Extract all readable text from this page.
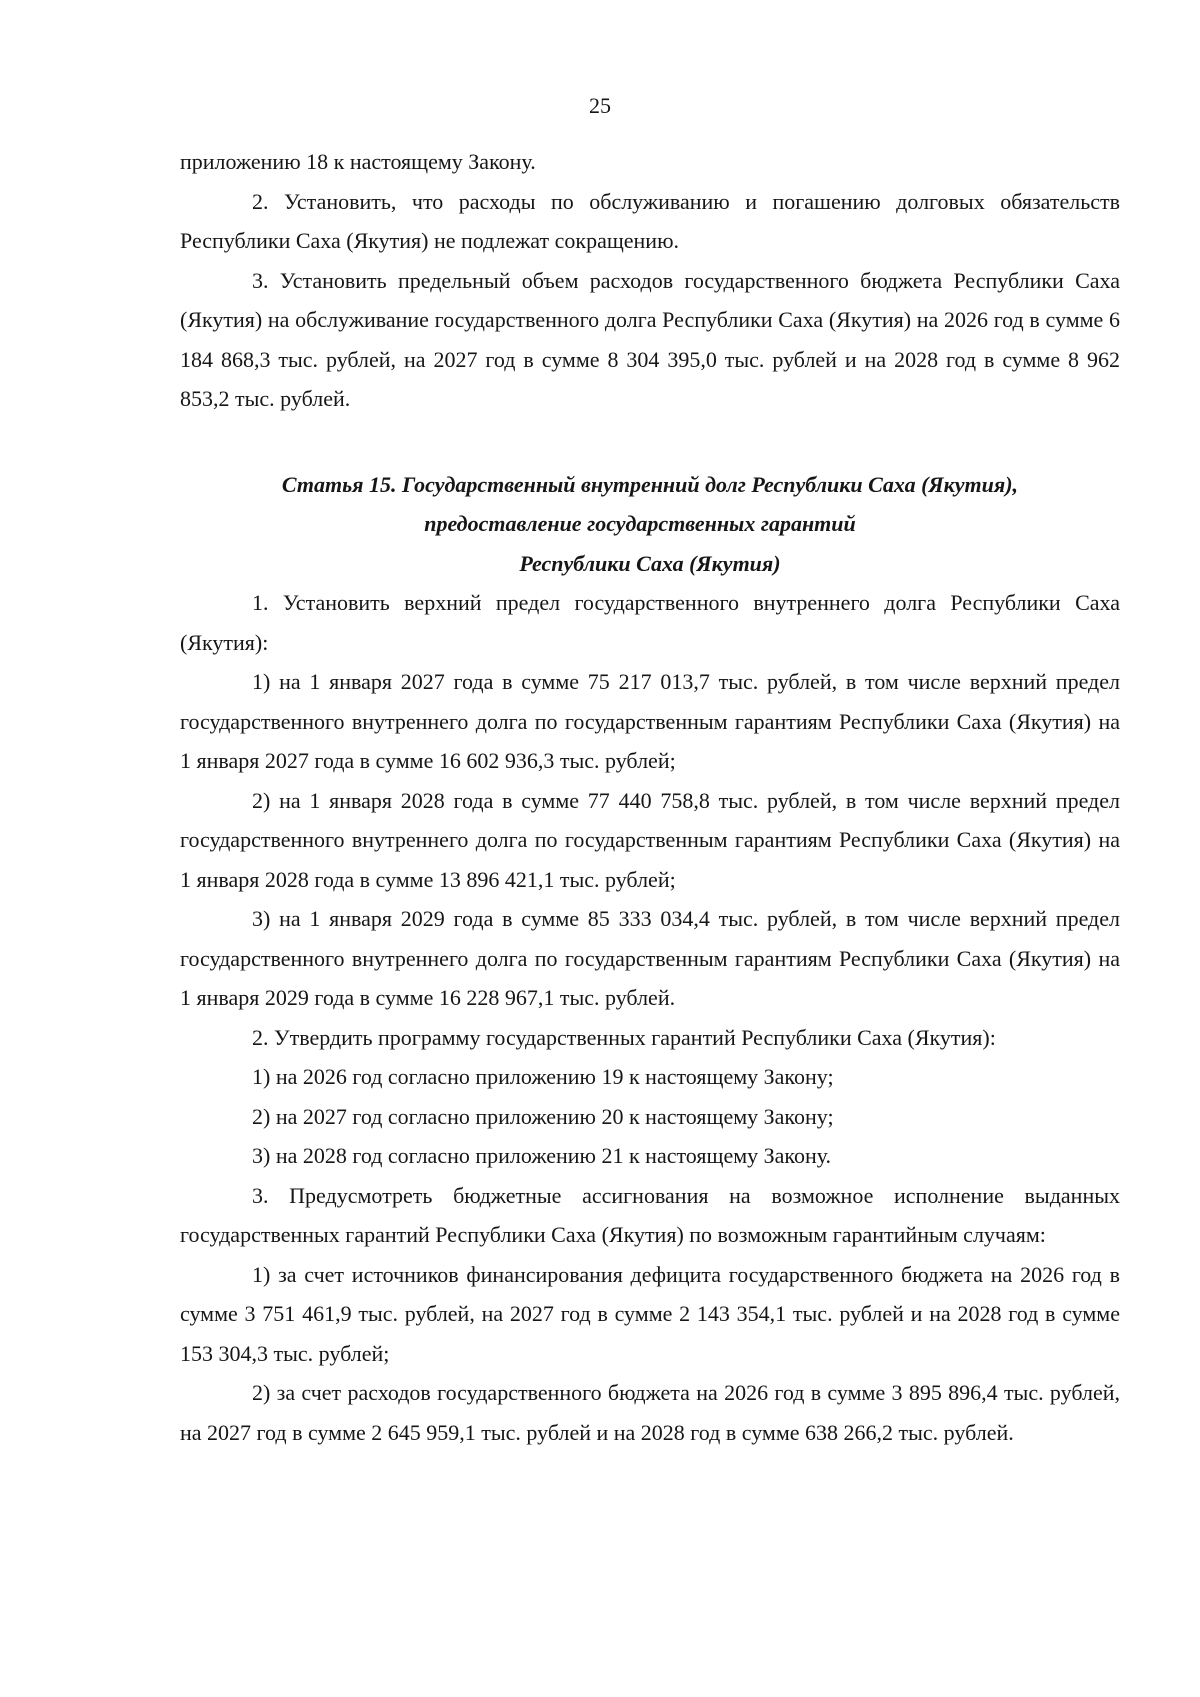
25

приложению 18 к настоящему Закону.

2. Установить, что расходы по обслуживанию и погашению долговых обязательств Республики Саха (Якутия) не подлежат сокращению.

3. Установить предельный объем расходов государственного бюджета Республики Саха (Якутия) на обслуживание государственного долга Республики Саха (Якутия) на 2026 год в сумме 6 184 868,3 тыс. рублей, на 2027 год в сумме 8 304 395,0 тыс. рублей и на 2028 год в сумме 8 962 853,2 тыс. рублей.

Статья 15. Государственный внутренний долг Республики Саха (Якутия),
предоставление государственных гарантий
Республики Саха (Якутия)

1. Установить верхний предел государственного внутреннего долга Республики Саха (Якутия):

1) на 1 января 2027 года в сумме 75 217 013,7 тыс. рублей, в том числе верхний предел государственного внутреннего долга по государственным гарантиям Республики Саха (Якутия) на 1 января 2027 года в сумме 16 602 936,3 тыс. рублей;

2) на 1 января 2028 года в сумме 77 440 758,8 тыс. рублей, в том числе верхний предел государственного внутреннего долга по государственным гарантиям Республики Саха (Якутия) на 1 января 2028 года в сумме 13 896 421,1 тыс. рублей;

3) на 1 января 2029 года в сумме 85 333 034,4 тыс. рублей, в том числе верхний предел государственного внутреннего долга по государственным гарантиям Республики Саха (Якутия) на 1 января 2029 года в сумме 16 228 967,1 тыс. рублей.

2. Утвердить программу государственных гарантий Республики Саха (Якутия):

1) на 2026 год согласно приложению 19 к настоящему Закону;

2) на 2027 год согласно приложению 20 к настоящему Закону;

3) на 2028 год согласно приложению 21 к настоящему Закону.

3. Предусмотреть бюджетные ассигнования на возможное исполнение выданных государственных гарантий Республики Саха (Якутия) по возможным гарантийным случаям:

1) за счет источников финансирования дефицита государственного бюджета на 2026 год в сумме 3 751 461,9 тыс. рублей, на 2027 год в сумме 2 143 354,1 тыс. рублей и на 2028 год в сумме 153 304,3 тыс. рублей;

2) за счет расходов государственного бюджета на 2026 год в сумме 3 895 896,4 тыс. рублей, на 2027 год в сумме 2 645 959,1 тыс. рублей и на 2028 год в сумме 638 266,2 тыс. рублей.
